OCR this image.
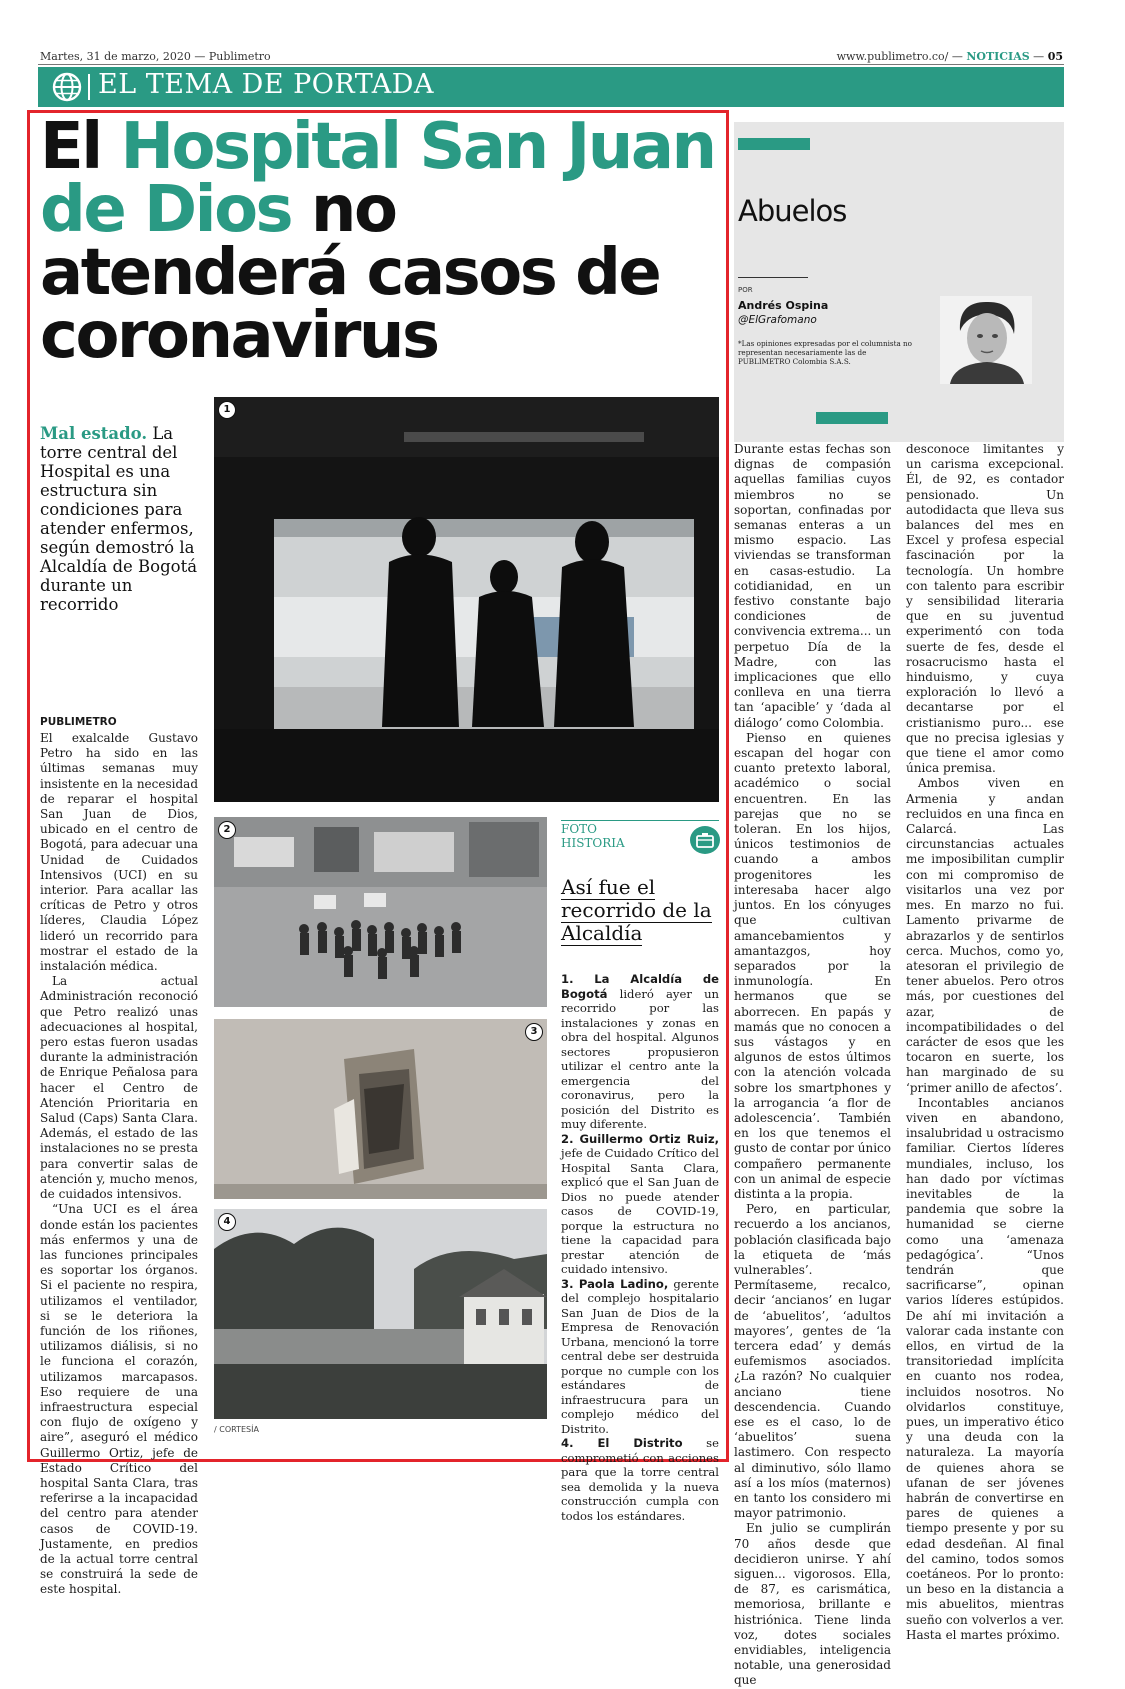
Martes, 31 de marzo, 2020 — Publimetro	www.publimetro.co/ — NOTICIAS — 05
EL TEMA DE PORTADA
El Hospital San Juan de Dios no atenderá casos de coronavirus
Mal estado. La torre central del Hospital es una estructura sin condiciones para atender enfermos, según demostró la Alcaldía de Bogotá durante un recorrido
PUBLIMETRO

El exalcalde Gustavo Petro ha sido en las últimas semanas muy insistente en la necesidad de reparar el hospital San Juan de Dios, ubicado en el centro de Bogotá, para adecuar una Unidad de Cuidados Intensivos (UCI) en su interior. Para acallar las críticas de Petro y otros líderes, Claudia López lideró un recorrido para mostrar el estado de la instalación médica.

La actual Administración reconoció que Petro realizó unas adecuaciones al hospital, pero estas fueron usadas durante la administración de Enrique Peñalosa para hacer el Centro de Atención Prioritaria en Salud (Caps) Santa Clara. Además, el estado de las instalaciones no se presta para convertir salas de atención y, mucho menos, de cuidados intensivos.

“Una UCI es el área donde están los pacientes más enfermos y una de las funciones principales es soportar los órganos. Si el paciente no respira, utilizamos el ventilador, si se le deteriora la función de los riñones, utilizamos diálisis, si no le funciona el corazón, utilizamos marcapasos. Eso requiere de una infraestructura especial con flujo de oxígeno y aire”, aseguró el médico Guillermo Ortiz, jefe de Estado Crítico del hospital Santa Clara, tras referirse a la incapacidad del centro para atender casos de COVID-19. Justamente, en predios de la actual torre central se construirá la sede de este hospital.

1
2
3
4
/ CORTESÍA
FOTO
HISTORIA
Así fue el recorrido de la Alcaldía

1. La Alcaldía de Bogotá lideró ayer un recorrido por las instalaciones y zonas en obra del hospital. Algunos sectores propusieron utilizar el centro ante la emergencia del coronavirus, pero la posición del Distrito es muy diferente.

2. Guillermo Ortiz Ruiz, jefe de Cuidado Crítico del Hospital Santa Clara, explicó que el San Juan de Dios no puede atender casos de COVID-19, porque la estructura no tiene la capacidad para prestar atención de cuidado intensivo.

3. Paola Ladino, gerente del complejo hospitalario San Juan de Dios de la Empresa de Renovación Urbana, mencionó la torre central debe ser destruida porque no cumple con los estándares de infraestrucura para un complejo médico del Distrito.

4. El Distrito se comprometió con acciones para que la torre central sea demolida y la nueva construcción cumpla con todos los estándares.

Abuelos
POR
Andrés Ospina
@ElGrafomano
*Las opiniones expresadas por el columnista no representan necesariamente las de PUBLIMETRO Colombia S.A.S.

Durante estas fechas son dignas de compasión aquellas familias cuyos miembros no se soportan, confinadas por semanas enteras a un mismo espacio. Las viviendas se transforman en casas-estudio. La cotidianidad, en un festivo constante bajo condiciones de convivencia extrema... un perpetuo Día de la Madre, con las implicaciones que ello conlleva en una tierra tan ‘apacible’ y ‘dada al diálogo’ como Colombia.

Pienso en quienes escapan del hogar con cuanto pretexto laboral, académico o social encuentren. En las parejas que no se toleran. En los hijos, únicos testimonios de cuando a ambos progenitores les interesaba hacer algo juntos. En los cónyuges que cultivan amancebamientos y amantazgos, hoy separados por la inmunología. En hermanos que se aborrecen. En papás y mamás que no conocen a sus vástagos y en algunos de estos últimos con la atención volcada sobre los smartphones y la arrogancia ‘a flor de adolescencia’. También en los que tenemos el gusto de contar por único compañero permanente con un animal de especie distinta a la propia.

Pero, en particular, recuerdo a los ancianos, población clasificada bajo la etiqueta de ‘más vulnerables’. Permítaseme, recalco, decir ‘ancianos’ en lugar de ‘abuelitos’, ‘adultos mayores’, gentes de ‘la tercera edad’ y demás eufemismos asociados. ¿La razón? No cualquier anciano tiene descendencia. Cuando ese es el caso, lo de ‘abuelitos’ suena lastimero. Con respecto al diminutivo, sólo llamo así a los míos (maternos) en tanto los considero mi mayor patrimonio.

En julio se cumplirán 70 años desde que decidieron unirse. Y ahí siguen... vigorosos. Ella, de 87, es carismática, memoriosa, brillante e histriónica. Tiene linda voz, dotes sociales envidiables, inteligencia notable, una generosidad que

desconoce limitantes y un carisma excepcional. Él, de 92, es contador pensionado. Un autodidacta que lleva sus balances del mes en Excel y profesa especial fascinación por la tecnología. Un hombre con talento para escribir y sensibilidad literaria que en su juventud experimentó con toda suerte de fes, desde el rosacrucismo hasta el hinduismo, y cuya exploración lo llevó a decantarse por el cristianismo puro... ese que no precisa iglesias y que tiene el amor como única premisa.

Ambos viven en Armenia y andan recluidos en una finca en Calarcá. Las circunstancias actuales me imposibilitan cumplir con mi compromiso de visitarlos una vez por mes. En marzo no fui. Lamento privarme de abrazarlos y de sentirlos cerca. Muchos, como yo, atesoran el privilegio de tener abuelos. Pero otros más, por cuestiones del azar, de incompatibilidades o del carácter de esos que les tocaron en suerte, los han marginado de su ‘primer anillo de afectos’.

Incontables ancianos viven en abandono, insalubridad u ostracismo familiar. Ciertos líderes mundiales, incluso, los han dado por víctimas inevitables de la pandemia que sobre la humanidad se cierne como una ‘amenaza pedagógica’. “Unos tendrán que sacrificarse”, opinan varios líderes estúpidos. De ahí mi invitación a valorar cada instante con ellos, en virtud de la transitoriedad implícita en cuanto nos rodea, incluidos nosotros. No olvidarlos constituye, pues, un imperativo ético y una deuda con la naturaleza. La mayoría de quienes ahora se ufanan de ser jóvenes habrán de convertirse en pares de quienes a tiempo presente y por su edad desdeñan. Al final del camino, todos somos coetáneos. Por lo pronto: un beso en la distancia a mis abuelitos, mientras sueño con volverlos a ver. Hasta el martes próximo.
